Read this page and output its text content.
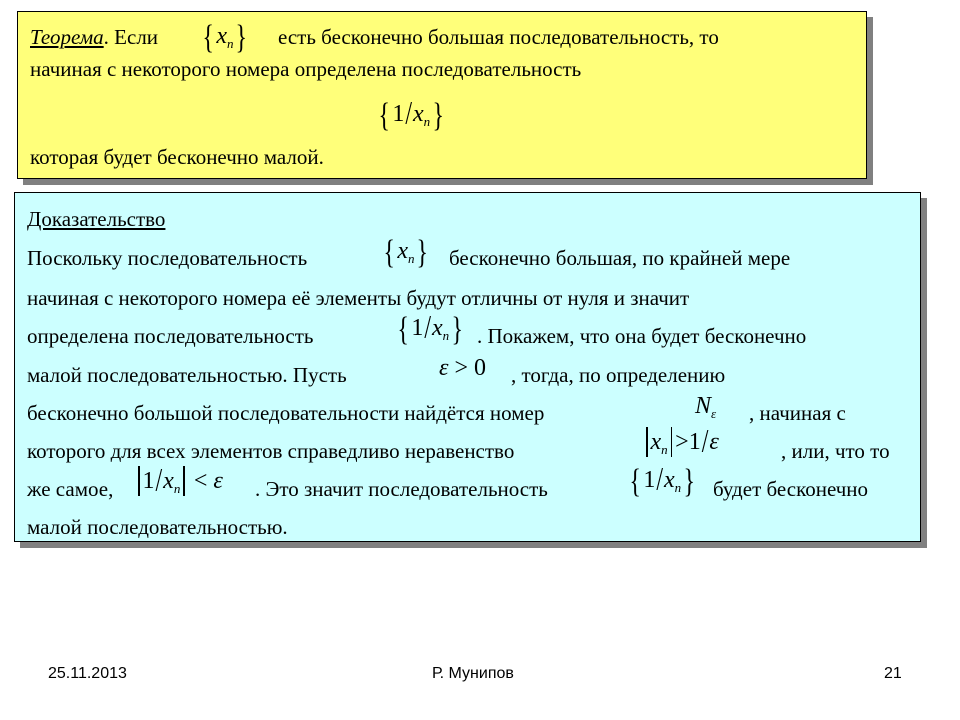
Теорема. Если { $x_n$} есть бесконечно большая последовательность, то
начиная с некоторого номера определена последовательность
{ $1/x_n$}
которая будет бесконечно малой.
Доказательство
Поскольку последовательность { $x_n$} бесконечно большая, по крайней мере
начиная с некоторого номера её элементы будут отличны от нуля и значит
определена последовательность { $1/x_n$} . Покажем, что она будет бесконечно
малой последовательностью. Пусть	ε > 0 , тогда, по определению
бесконечно большой последовательности найдётся номер	$N_\varepsilon$ , начиная с
которого для всех элементов справедливо неравенство	$x_n >1/\varepsilon$	, или, что то
же самое,	$1/x_n < \varepsilon$ . Это значит последовательность { $1/x_n$} будет бесконечно
малой последовательностью.
25.11.2013	Р. Мунипов	21
